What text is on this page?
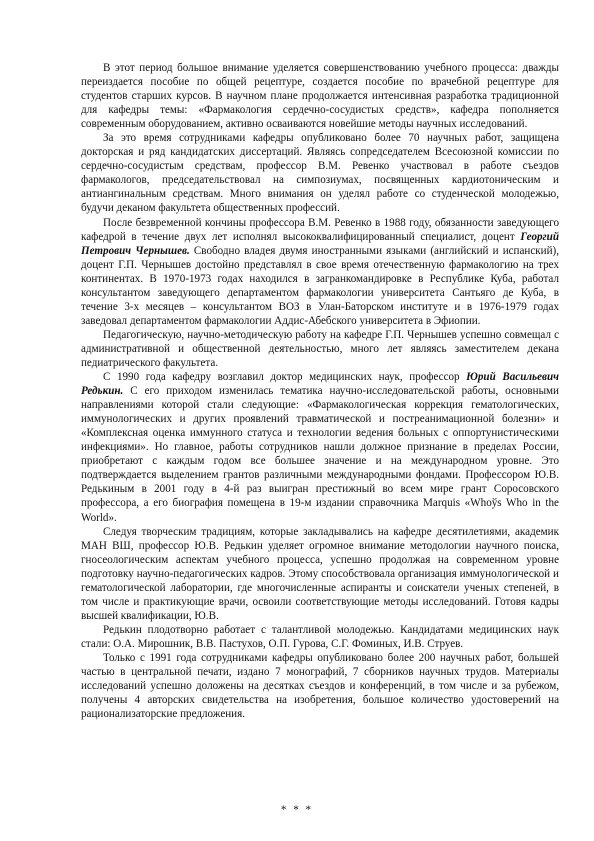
В этот период большое внимание уделяется совершенствованию учебного процесса: дважды переиздается пособие по общей рецептуре, создается пособие по врачебной рецептуре для студентов старших курсов. В научном плане продолжается интенсивная разработка традиционной для кафедры темы: «Фармакология сердечно-сосудистых средств», кафедра пополняется современным оборудованием, активно осваиваются новейшие методы научных исследований.

За это время сотрудниками кафедры опубликовано более 70 научных работ, защищена докторская и ряд кандидатских диссертаций. Являясь сопредседателем Всесоюзной комиссии по сердечно-сосудистым средствам, профессор В.М. Ревенко участвовал в работе съездов фармакологов, председательствовал на симпозиумах, посвященных кардиотоническим и антиангинальным средствам. Много внимания он уделял работе со студенческой молодежью, будучи деканом факультета общественных профессий.

После безвременной кончины профессора В.М. Ревенко в 1988 году, обязанности заведующего кафедрой в течение двух лет исполнял высококвалифицированный специалист, доцент Георгий Петрович Чернышев. Свободно владея двумя иностранными языками (английский и испанский), доцент Г.П. Чернышев достойно представлял в свое время отечественную фармакологию на трех континентах. В 1970-1973 годах находился в загранкомандировке в Республике Куба, работал консультантом заведующего департаментом фармакологии университета Сантьяго де Куба, в течение 3-х месяцев – консультантом ВОЗ в Улан-Баторском институте и в 1976-1979 годах заведовал департаментом фармакологии Аддис-Абебского университета в Эфиопии.

Педагогическую, научно-методическую работу на кафедре Г.П. Чернышев успешно совмещал с административной и общественной деятельностью, много лет являясь заместителем декана педиатрического факультета.

С 1990 года кафедру возглавил доктор медицинских наук, профессор Юрий Васильевич Редькин. С его приходом изменилась тематика научно-исследовательской работы, основными направлениями которой стали следующие: «Фармакологическая коррекция гематологических, иммунологических и других проявлений травматической и постреанимационной болезни» и «Комплексная оценка иммунного статуса и технологии ведения больных с оппортунистическими инфекциями». Но главное, работы сотрудников нашли должное признание в пределах России, приобретают с каждым годом все большее значение и на международном уровне. Это подтверждается выделением грантов различными международными фондами. Профессором Ю.В. Редькиным в 2001 году в 4-й раз выигран престижный во всем мире грант Соросовского профессора, а его биография помещена в 19-м издании справочника Marquis «Whoўs Who in the World».

Следуя творческим традициям, которые закладывались на кафедре десятилетиями, академик МАН ВШ, профессор Ю.В. Редькин уделяет огромное внимание методологии научного поиска, гносеологическим аспектам учебного процесса, успешно продолжая на современном уровне подготовку научно-педагогических кадров. Этому способствовала организация иммунологической и гематологической лаборатории, где многочисленные аспиранты и соискатели ученых степеней, в том числе и практикующие врачи, освоили соответствующие методы исследований. Готовя кадры высшей квалификации, Ю.В.

Редькин плодотворно работает с талантливой молодежью. Кандидатами медицинских наук стали: О.А. Мирошник, В.В. Пастухов, О.П. Гурова, С.Г. Фоминых, И.В. Струев.

Только с 1991 года сотрудниками кафедры опубликовано более 200 научных работ, большей частью в центральной печати, издано 7 монографий, 7 сборников научных трудов. Материалы исследований успешно доложены на десятках съездов и конференций, в том числе и за рубежом, получены 4 авторских свидетельства на изобретения, большое количество удостоверений на рационализаторские предложения.

* * *
